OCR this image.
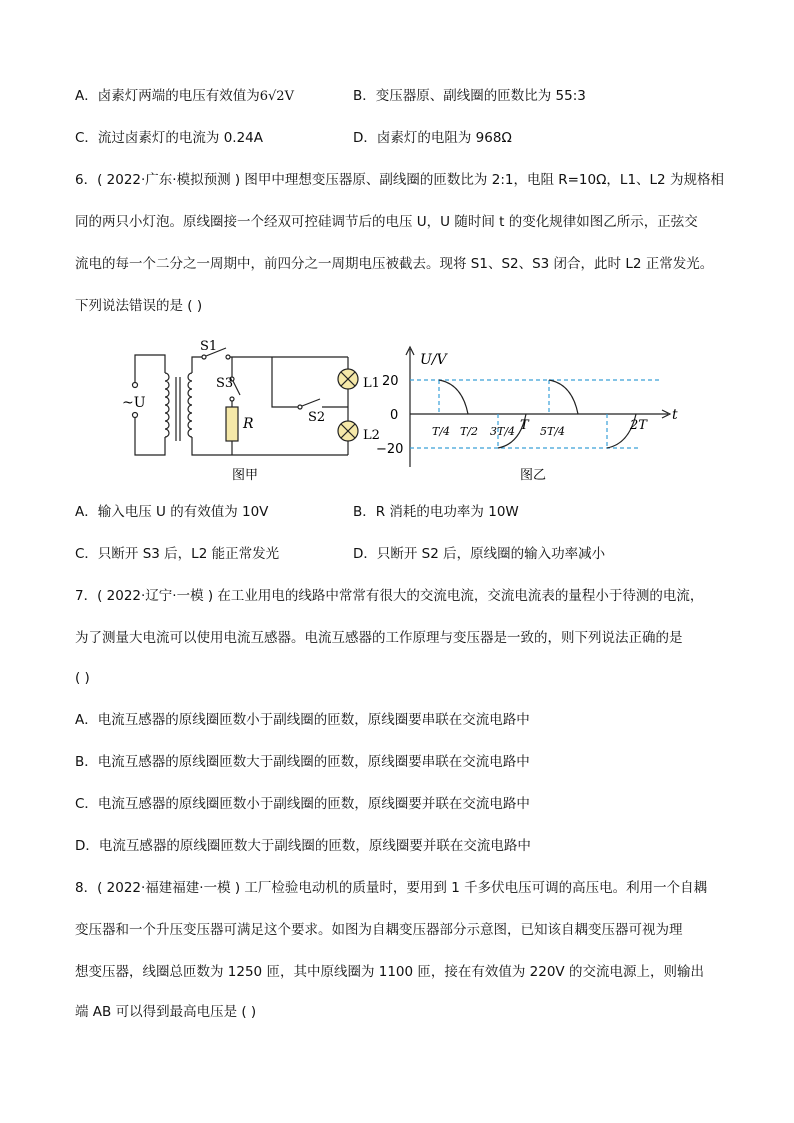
A．卤素灯两端的电压有效值为6√2V	B．变压器原、副线圈的匝数比为 55:3
C．流过卤素灯的电流为 0.24A	D．卤素灯的电阻为 968Ω
6．( 2022·广东·模拟预测 ) 图甲中理想变压器原、副线圈的匝数比为 2:1，电阻 R=10Ω，L1、L2 为规格相
同的两只小灯泡。原线圈接一个经双可控硅调节后的电压 U，U 随时间 t 的变化规律如图乙所示，正弦交
流电的每一个二分之一周期中，前四分之一周期电压被截去。现将 S1、S2、S3 闭合，此时 L2 正常发光。
下列说法错误的是 ( )
~U
S1
S3
R	S2
L1
L2
图甲
U/V
t
20
0
−20
T/4 T/2 3T/4 T 5T/4	2T
图乙
A．输入电压 U 的有效值为 10V	B．R 消耗的电功率为 10W
C．只断开 S3 后，L2 能正常发光	D．只断开 S2 后，原线圈的输入功率减小
7．( 2022·辽宁·一模 ) 在工业用电的线路中常常有很大的交流电流，交流电流表的量程小于待测的电流，
为了测量大电流可以使用电流互感器。电流互感器的工作原理与变压器是一致的，则下列说法正确的是
( )
A．电流互感器的原线圈匝数小于副线圈的匝数，原线圈要串联在交流电路中
B．电流互感器的原线圈匝数大于副线圈的匝数，原线圈要串联在交流电路中
C．电流互感器的原线圈匝数小于副线圈的匝数，原线圈要并联在交流电路中
D．电流互感器的原线圈匝数大于副线圈的匝数，原线圈要并联在交流电路中
8．( 2022·福建福建·一模 ) 工厂检验电动机的质量时，要用到 1 千多伏电压可调的高压电。利用一个自耦
变压器和一个升压变压器可满足这个要求。如图为自耦变压器部分示意图，已知该自耦变压器可视为理
想变压器，线圈总匝数为 1250 匝，其中原线圈为 1100 匝，接在有效值为 220V 的交流电源上，则输出
端 AB 可以得到最高电压是 ( )
